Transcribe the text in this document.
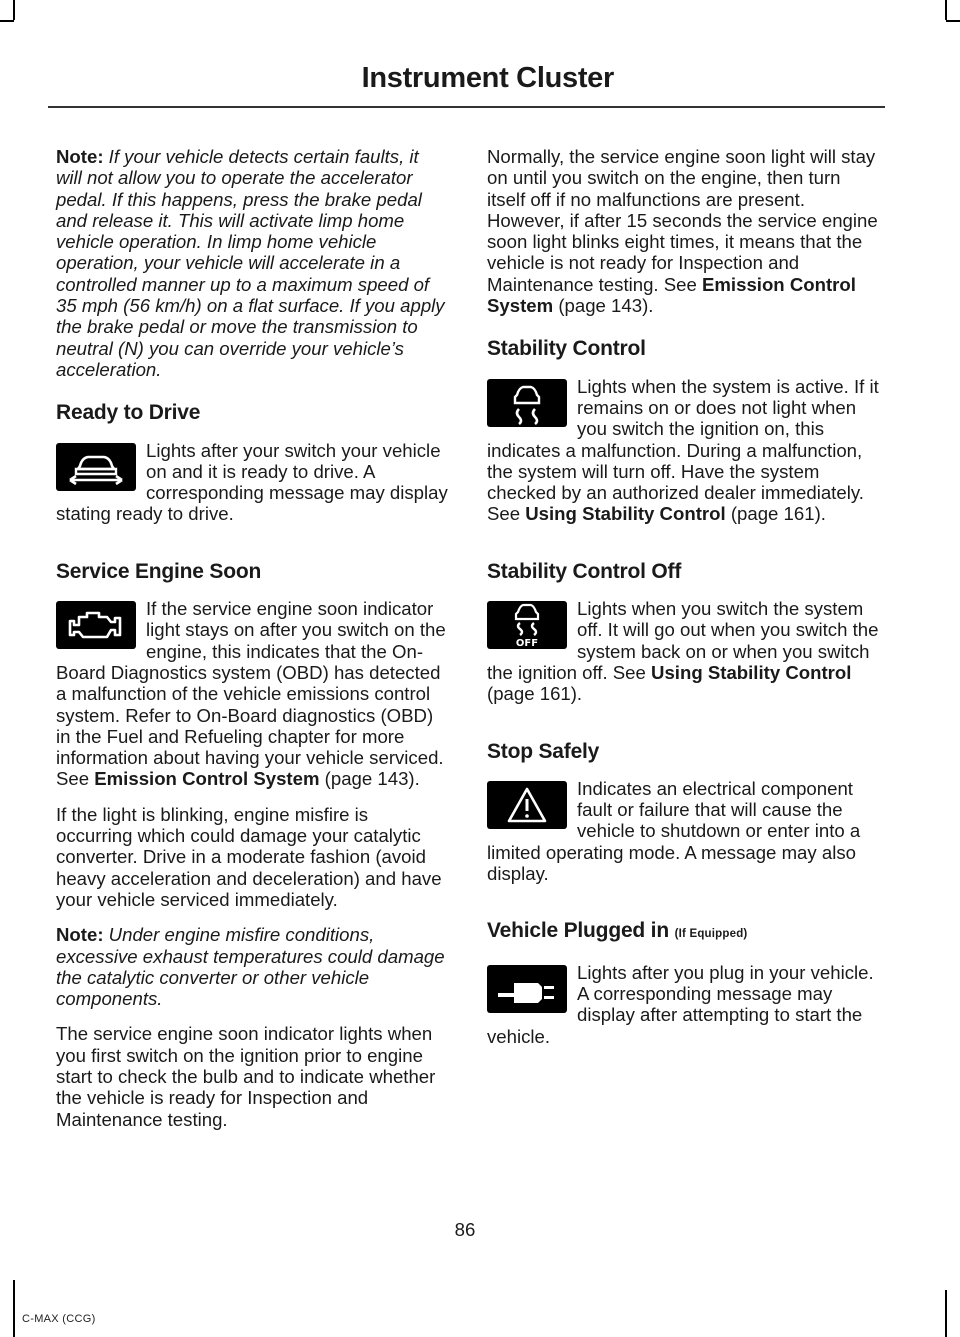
Instrument Cluster

Note: If your vehicle detects certain faults, it will not allow you to operate the accelerator pedal. If this happens, press the brake pedal and release it. This will activate limp home vehicle operation. In limp home vehicle operation, your vehicle will accelerate in a controlled manner up to a maximum speed of 35 mph (56 km/h) on a flat surface. If you apply the brake pedal or move the transmission to neutral (N) you can override your vehicle’s acceleration.

Ready to Drive

Lights after your switch your vehicle on and it is ready to drive. A corresponding message may display stating ready to drive.

Service Engine Soon

If the service engine soon indicator light stays on after you switch on the engine, this indicates that the On-Board Diagnostics system (OBD) has detected a malfunction of the vehicle emissions control system. Refer to On-Board diagnostics (OBD) in the Fuel and Refueling chapter for more information about having your vehicle serviced. See Emission Control System (page 143).

If the light is blinking, engine misfire is occurring which could damage your catalytic converter. Drive in a moderate fashion (avoid heavy acceleration and deceleration) and have your vehicle serviced immediately.

Note: Under engine misfire conditions, excessive exhaust temperatures could damage the catalytic converter or other vehicle components.

The service engine soon indicator lights when you first switch on the ignition prior to engine start to check the bulb and to indicate whether the vehicle is ready for Inspection and Maintenance testing.

Normally, the service engine soon light will stay on until you switch on the engine, then turn itself off if no malfunctions are present. However, if after 15 seconds the service engine soon light blinks eight times, it means that the vehicle is not ready for Inspection and Maintenance testing. See Emission Control System (page 143).

Stability Control

Lights when the system is active. If it remains on or does not light when you switch the ignition on, this indicates a malfunction. During a malfunction, the system will turn off. Have the system checked by an authorized dealer immediately. See Using Stability Control (page 161).

Stability Control Off
OFF

Lights when you switch the system off. It will go out when you switch the system back on or when you switch the ignition off. See Using Stability Control (page 161).

Stop Safely

Indicates an electrical component fault or failure that will cause the vehicle to shutdown or enter into a limited operating mode. A message may also display.

Vehicle Plugged in (If Equipped)

Lights after you plug in your vehicle. A corresponding message may display after attempting to start the vehicle.

86
C-MAX (CCG)
